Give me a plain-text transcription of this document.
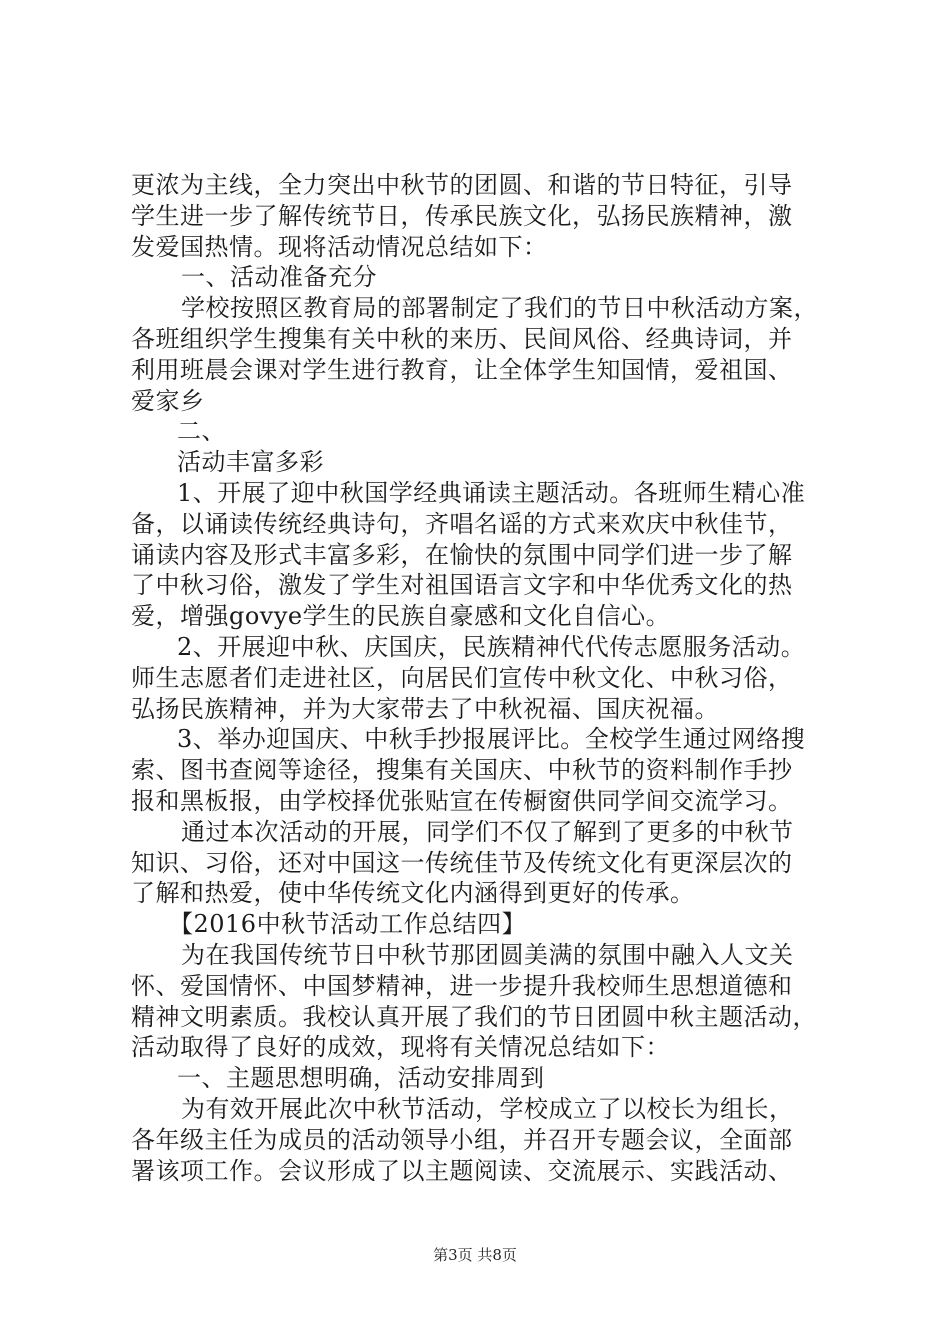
更浓为主线，全力突出中秋节的团圆、和谐的节日特征，引导
学生进一步了解传统节日，传承民族文化，弘扬民族精神，激
发爱国热情。现将活动情况总结如下：
一、活动准备充分
学校按照区教育局的部署制定了我们的节日中秋活动方案，
各班组织学生搜集有关中秋的来历、民间风俗、经典诗词，并
利用班晨会课对学生进行教育，让全体学生知国情，爱祖国、
爱家乡
二、
活动丰富多彩
1、开展了迎中秋国学经典诵读主题活动。各班师生精心准
备，以诵读传统经典诗句，齐唱名谣的方式来欢庆中秋佳节，
诵读内容及形式丰富多彩，在愉快的氛围中同学们进一步了解
了中秋习俗，激发了学生对祖国语言文字和中华优秀文化的热
爱，增强govye学生的民族自豪感和文化自信心。
2、开展迎中秋、庆国庆，民族精神代代传志愿服务活动。
师生志愿者们走进社区，向居民们宣传中秋文化、中秋习俗，
弘扬民族精神，并为大家带去了中秋祝福、国庆祝福。
3、举办迎国庆、中秋手抄报展评比。全校学生通过网络搜
索、图书查阅等途径，搜集有关国庆、中秋节的资料制作手抄
报和黑板报，由学校择优张贴宣在传橱窗供同学间交流学习。
通过本次活动的开展，同学们不仅了解到了更多的中秋节
知识、习俗，还对中国这一传统佳节及传统文化有更深层次的
了解和热爱，使中华传统文化内涵得到更好的传承。
【2016中秋节活动工作总结四】
为在我国传统节日中秋节那团圆美满的氛围中融入人文关
怀、爱国情怀、中国梦精神，进一步提升我校师生思想道德和
精神文明素质。我校认真开展了我们的节日团圆中秋主题活动，
活动取得了良好的成效，现将有关情况总结如下：
一、主题思想明确，活动安排周到
为有效开展此次中秋节活动，学校成立了以校长为组长，
各年级主任为成员的活动领导小组，并召开专题会议，全面部
署该项工作。会议形成了以主题阅读、交流展示、实践活动、
第3页 共8页
